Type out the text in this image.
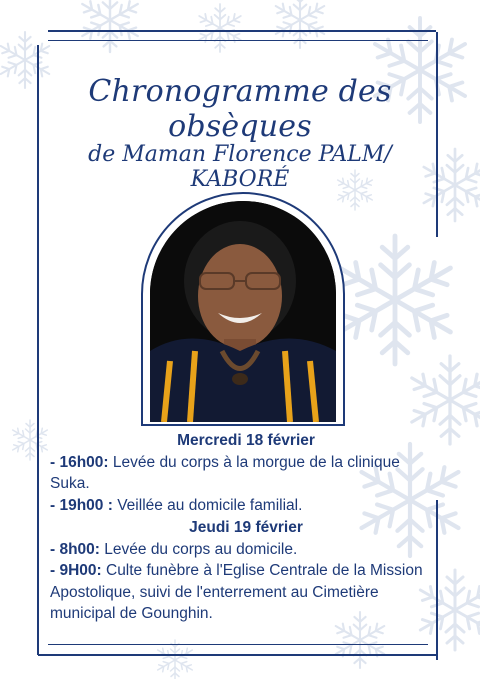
Chronogramme des obsèques
de Maman Florence PALM/ KABORÉ
Mercredi 18 février
- 16h00: Levée du corps à la morgue de la clinique Suka.
- 19h00 : Veillée au domicile familial.
Jeudi 19 février
- 8h00: Levée du corps au domicile.
- 9H00: Culte funèbre à l'Eglise Centrale de la Mission Apostolique, suivi de l'enterrement au Cimetière municipal de Gounghin.
